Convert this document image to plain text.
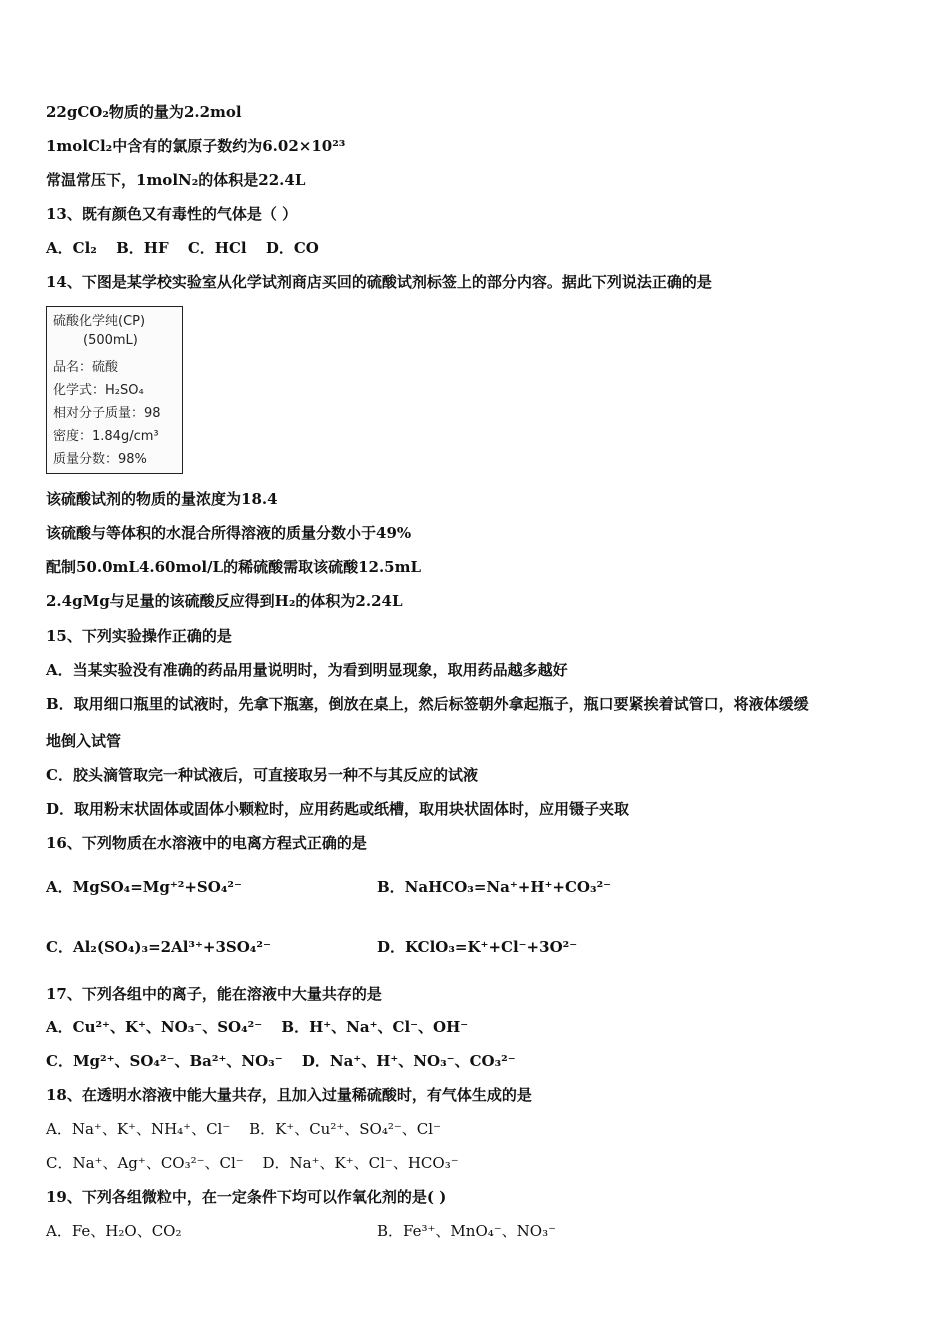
22gCO₂物质的量为2.2mol
1molCl₂中含有的氯原子数约为6.02×10²³
常温常压下，1molN₂的体积是22.4L
13、既有颜色又有毒性的气体是（ ）
A．Cl₂ B．HF C．HCl D．CO
14、下图是某学校实验室从化学试剂商店买回的硫酸试剂标签上的部分内容。据此下列说法正确的是
硫酸化学纯(CP)
(500mL)
品名：硫酸
化学式：H₂SO₄
相对分子质量：98
密度：1.84g/cm³
质量分数：98%
该硫酸试剂的物质的量浓度为18.4
该硫酸与等体积的水混合所得溶液的质量分数小于49%
配制50.0mL4.60mol/L的稀硫酸需取该硫酸12.5mL
2.4gMg与足量的该硫酸反应得到H₂的体积为2.24L
15、下列实验操作正确的是
A．当某实验没有准确的药品用量说明时，为看到明显现象，取用药品越多越好
B．取用细口瓶里的试液时，先拿下瓶塞，倒放在桌上，然后标签朝外拿起瓶子，瓶口要紧挨着试管口，将液体缓缓
地倒入试管
C．胶头滴管取完一种试液后，可直接取另一种不与其反应的试液
D．取用粉末状固体或固体小颗粒时，应用药匙或纸槽，取用块状固体时，应用镊子夹取
16、下列物质在水溶液中的电离方程式正确的是
A．MgSO₄=Mg⁺²+SO₄²⁻	B．NaHCO₃=Na⁺+H⁺+CO₃²⁻
C．Al₂(SO₄)₃=2Al³⁺+3SO₄²⁻	D．KClO₃=K⁺+Cl⁻+3O²⁻
17、下列各组中的离子，能在溶液中大量共存的是
A．Cu²⁺、K⁺、NO₃⁻、SO₄²⁻ B．H⁺、Na⁺、Cl⁻、OH⁻
C．Mg²⁺、SO₄²⁻、Ba²⁺、NO₃⁻ D．Na⁺、H⁺、NO₃⁻、CO₃²⁻
18、在透明水溶液中能大量共存，且加入过量稀硫酸时，有气体生成的是
A．Na⁺、K⁺、NH₄⁺、Cl⁻ B．K⁺、Cu²⁺、SO₄²⁻、Cl⁻
C．Na⁺、Ag⁺、CO₃²⁻、Cl⁻ D．Na⁺、K⁺、Cl⁻、HCO₃⁻
19、下列各组微粒中，在一定条件下均可以作氧化剂的是( )
A．Fe、H₂O、CO₂	B．Fe³⁺、MnO₄⁻、NO₃⁻
